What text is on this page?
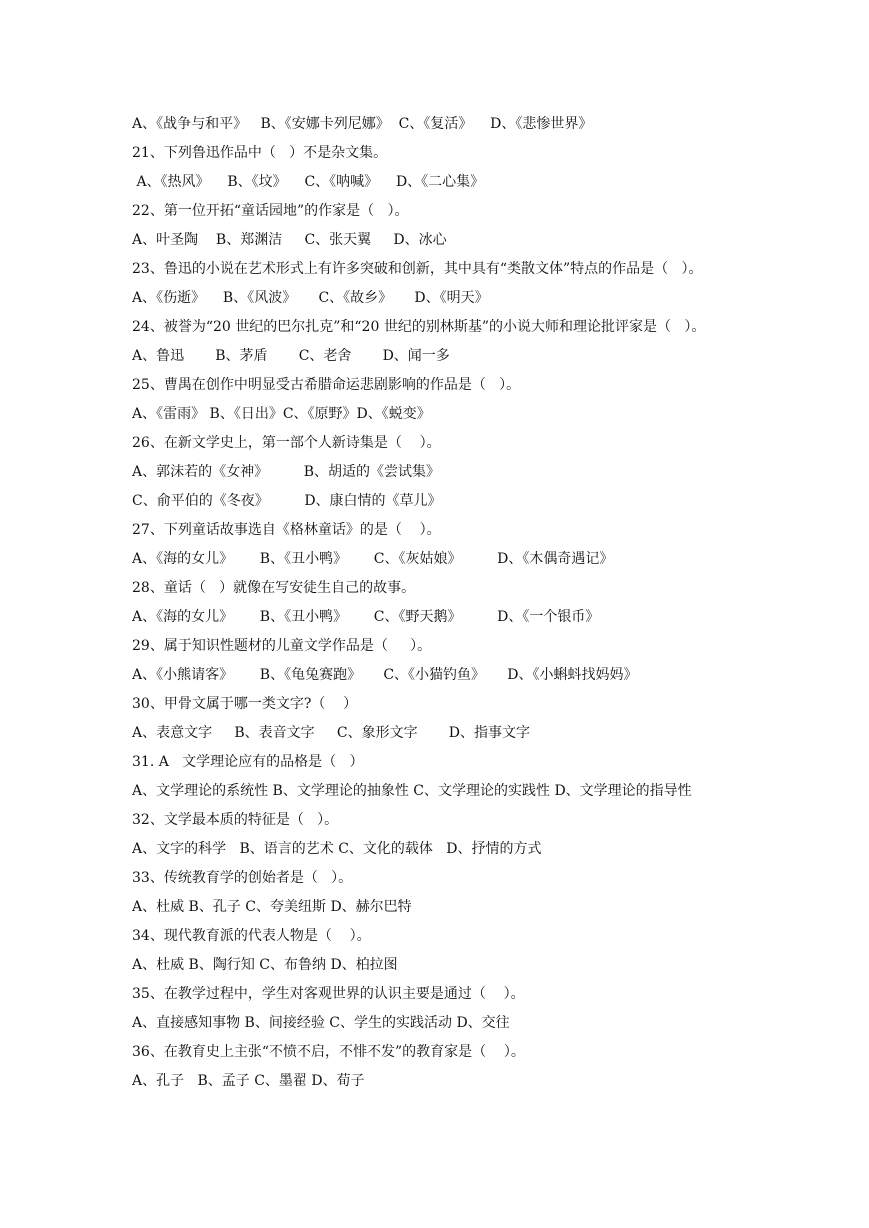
A、《战争与和平》   B、《安娜卡列尼娜》  C、《复活》    D、《悲惨世界》
21、下列鲁迅作品中（   ）不是杂文集。
A、《热风》    B、《坟》    C、《呐喊》    D、《二心集》
22、第一位开拓“童话园地”的作家是（   ）。
A、叶圣陶    B、郑渊洁     C、张天翼     D、冰心
23、鲁迅的小说在艺术形式上有许多突破和创新，其中具有“类散文体”特点的作品是（   ）。
A、《伤逝》    B、《风波》     C、《故乡》     D、《明天》
24、被誉为“20 世纪的巴尔扎克”和“20 世纪的别林斯基”的小说大师和理论批评家是（   ）。
A、鲁迅       B、茅盾       C、老舍       D、闻一多
25、曹禺在创作中明显受古希腊命运悲剧影响的作品是（   ）。
A、《雷雨》 B、《日出》C、《原野》D、《蜕变》
26、在新文学史上，第一部个人新诗集是（    ）。
A、郭沫若的《女神》        B、胡适的《尝试集》
C、俞平伯的《冬夜》        D、康白情的《草儿》
27、下列童话故事选自《格林童话》的是（    ）。
A、《海的女儿》      B、《丑小鸭》      C、《灰姑娘》        D、《木偶奇遇记》
28、童话（   ）就像在写安徒生自己的故事。
A、《海的女儿》      B、《丑小鸭》      C、《野天鹅》        D、《一个银币》
29、属于知识性题材的儿童文学作品是（     ）。
A、《小熊请客》      B、《龟兔赛跑》     C、《小猫钓鱼》     D、《小蝌蚪找妈妈》
30、甲骨文属于哪一类文字?（    ）
A、表意文字     B、表音文字     C、象形文字       D、指事文字
31. A   文学理论应有的品格是（   ）
A、文学理论的系统性 B、文学理论的抽象性 C、文学理论的实践性 D、文学理论的指导性
32、文学最本质的特征是（   ）。
A、文字的科学   B、语言的艺术 C、文化的载体   D、抒情的方式
33、传统教育学的创始者是（   ）。
A、杜威 B、孔子 C、夸美纽斯 D、赫尔巴特
34、现代教育派的代表人物是（    ）。
A、杜威 B、陶行知 C、布鲁纳 D、柏拉图
35、在教学过程中，学生对客观世界的认识主要是通过（    ）。
A、直接感知事物 B、间接经验 C、学生的实践活动 D、交往
36、在教育史上主张“不愤不启，不悱不发”的教育家是（    ）。
A、孔子   B、孟子 C、墨翟 D、荀子
